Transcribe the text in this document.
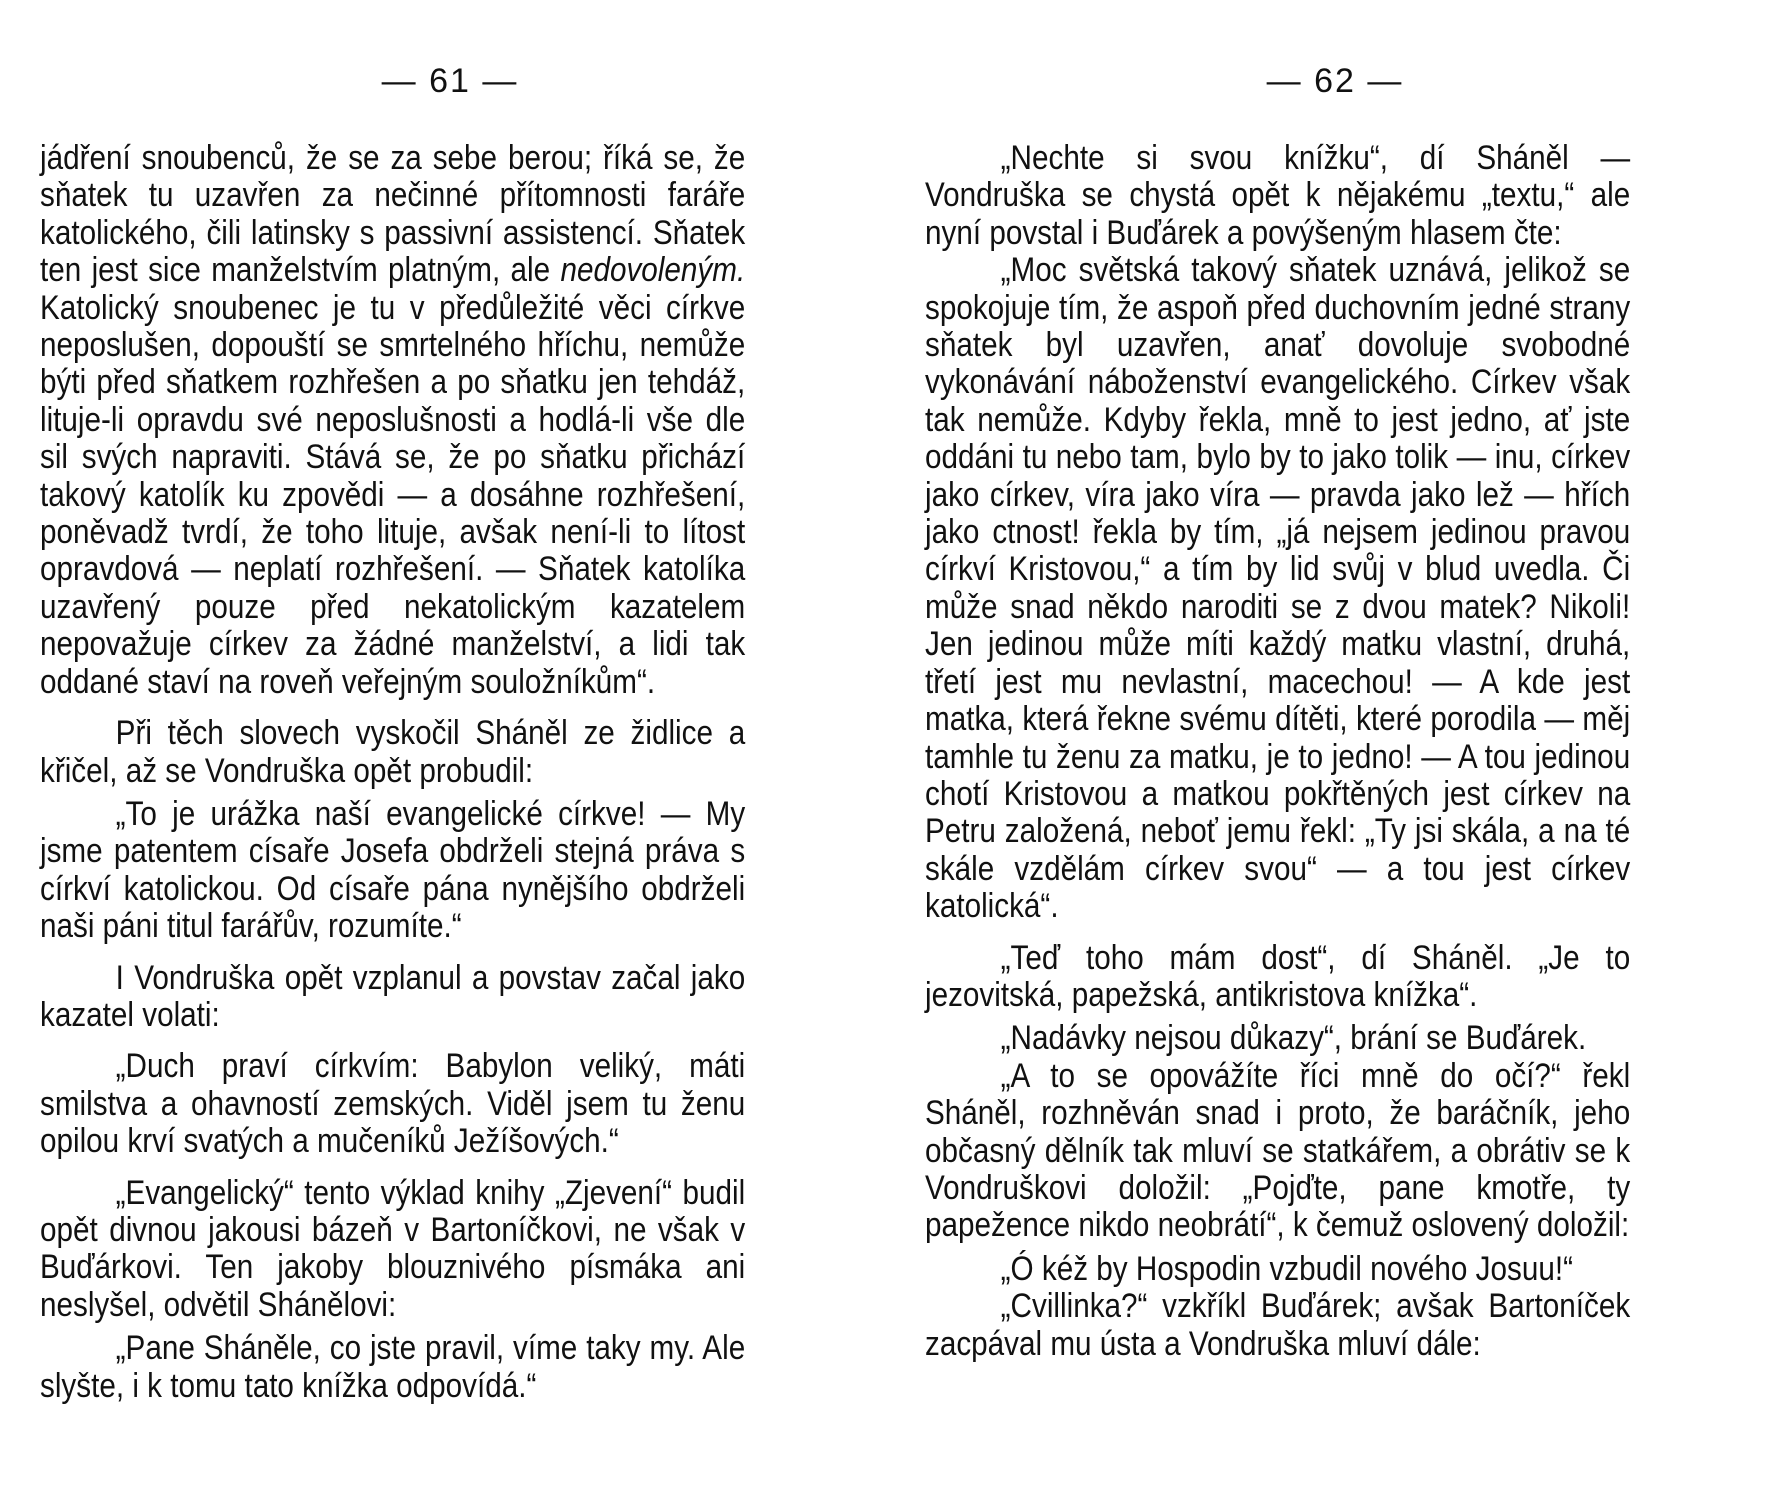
— 61 —

jádření snoubenců, že se za sebe berou; říká se, že sňatek tu uzavřen za nečinné přítomnosti faráře katolického, čili latinsky s passivní assistencí. Sňatek ten jest sice manželstvím platným, ale nedovoleným. Katolický snoubenec je tu v předůležité věci církve neposlušen, dopouští se smrtelného hříchu, nemůže býti před sňatkem rozhřešen a po sňatku jen tehdáž, lituje-li opravdu své neposlušnosti a hodlá-li vše dle sil svých napraviti. Stává se, že po sňatku přichází takový katolík ku zpovědi — a dosáhne rozhřešení, poněvadž tvrdí, že toho lituje, avšak není-li to lítost opravdová — neplatí rozhřešení. — Sňatek katolíka uzavřený pouze před nekatolickým kazatelem nepovažuje církev za žádné manželství, a lidi tak oddané staví na roveň veřejným souložníkům“.

Při těch slovech vyskočil Sháněl ze židlice a křičel, až se Vondruška opět probudil:

„To je urážka naší evangelické církve! — My jsme patentem císaře Josefa obdrželi stejná práva s církví katolickou. Od císaře pána nynějšího obdrželi naši páni titul farářův, rozumíte.“

I Vondruška opět vzplanul a povstav začal jako kazatel volati:

„Duch praví církvím: Babylon veliký, máti smilstva a ohavností zemských. Viděl jsem tu ženu opilou krví svatých a mučeníků Ježíšových.“

„Evangelický“ tento výklad knihy „Zjevení“ budil opět divnou jakousi bázeň v Bartoníčkovi, ne však v Buďárkovi. Ten jakoby blouznivého písmáka ani neslyšel, odvětil Shánělovi:

„Pane Sháněle, co jste pravil, víme taky my. Ale slyšte, i k tomu tato knížka odpovídá.“

— 62 —

„Nechte si svou knížku“, dí Sháněl — Vondruška se chystá opět k nějakému „textu,“ ale nyní povstal i Buďárek a povýšeným hlasem čte:

„Moc světská takový sňatek uznává, jelikož se spokojuje tím, že aspoň před duchovním jedné strany sňatek byl uzavřen, anať dovoluje svobodné vykonávání náboženství evangelického. Církev však tak nemůže. Kdyby řekla, mně to jest jedno, ať jste oddáni tu nebo tam, bylo by to jako tolik — inu, církev jako církev, víra jako víra — pravda jako lež — hřích jako ctnost! řekla by tím, „já nejsem jedinou pravou církví Kristovou,“ a tím by lid svůj v blud uvedla. Či může snad někdo naroditi se z dvou matek? Nikoli! Jen jedinou může míti každý matku vlastní, druhá, třetí jest mu nevlastní, macechou! — A kde jest matka, která řekne svému dítěti, které porodila — měj tamhle tu ženu za matku, je to jedno! — A tou jedinou chotí Kristovou a matkou pokřtěných jest církev na Petru založená, neboť jemu řekl: „Ty jsi skála, a na té skále vzdělám církev svou“ — a tou jest církev katolická“.

„Teď toho mám dost“, dí Sháněl. „Je to jezovitská, papežská, antikristova knížka“.

„Nadávky nejsou důkazy“, brání se Buďárek.

„A to se opovážíte říci mně do očí?“ řekl Sháněl, rozhněván snad i proto, že baráčník, jeho občasný dělník tak mluví se statkářem, a obrátiv se k Vondruškovi doložil: „Pojďte, pane kmotře, ty papežence nikdo neobrátí“, k čemuž oslovený doložil:

„Ó kéž by Hospodin vzbudil nového Josuu!“

„Cvillinka?“ vzkříkl Buďárek; avšak Bartoníček zacpával mu ústa a Vondruška mluví dále:
